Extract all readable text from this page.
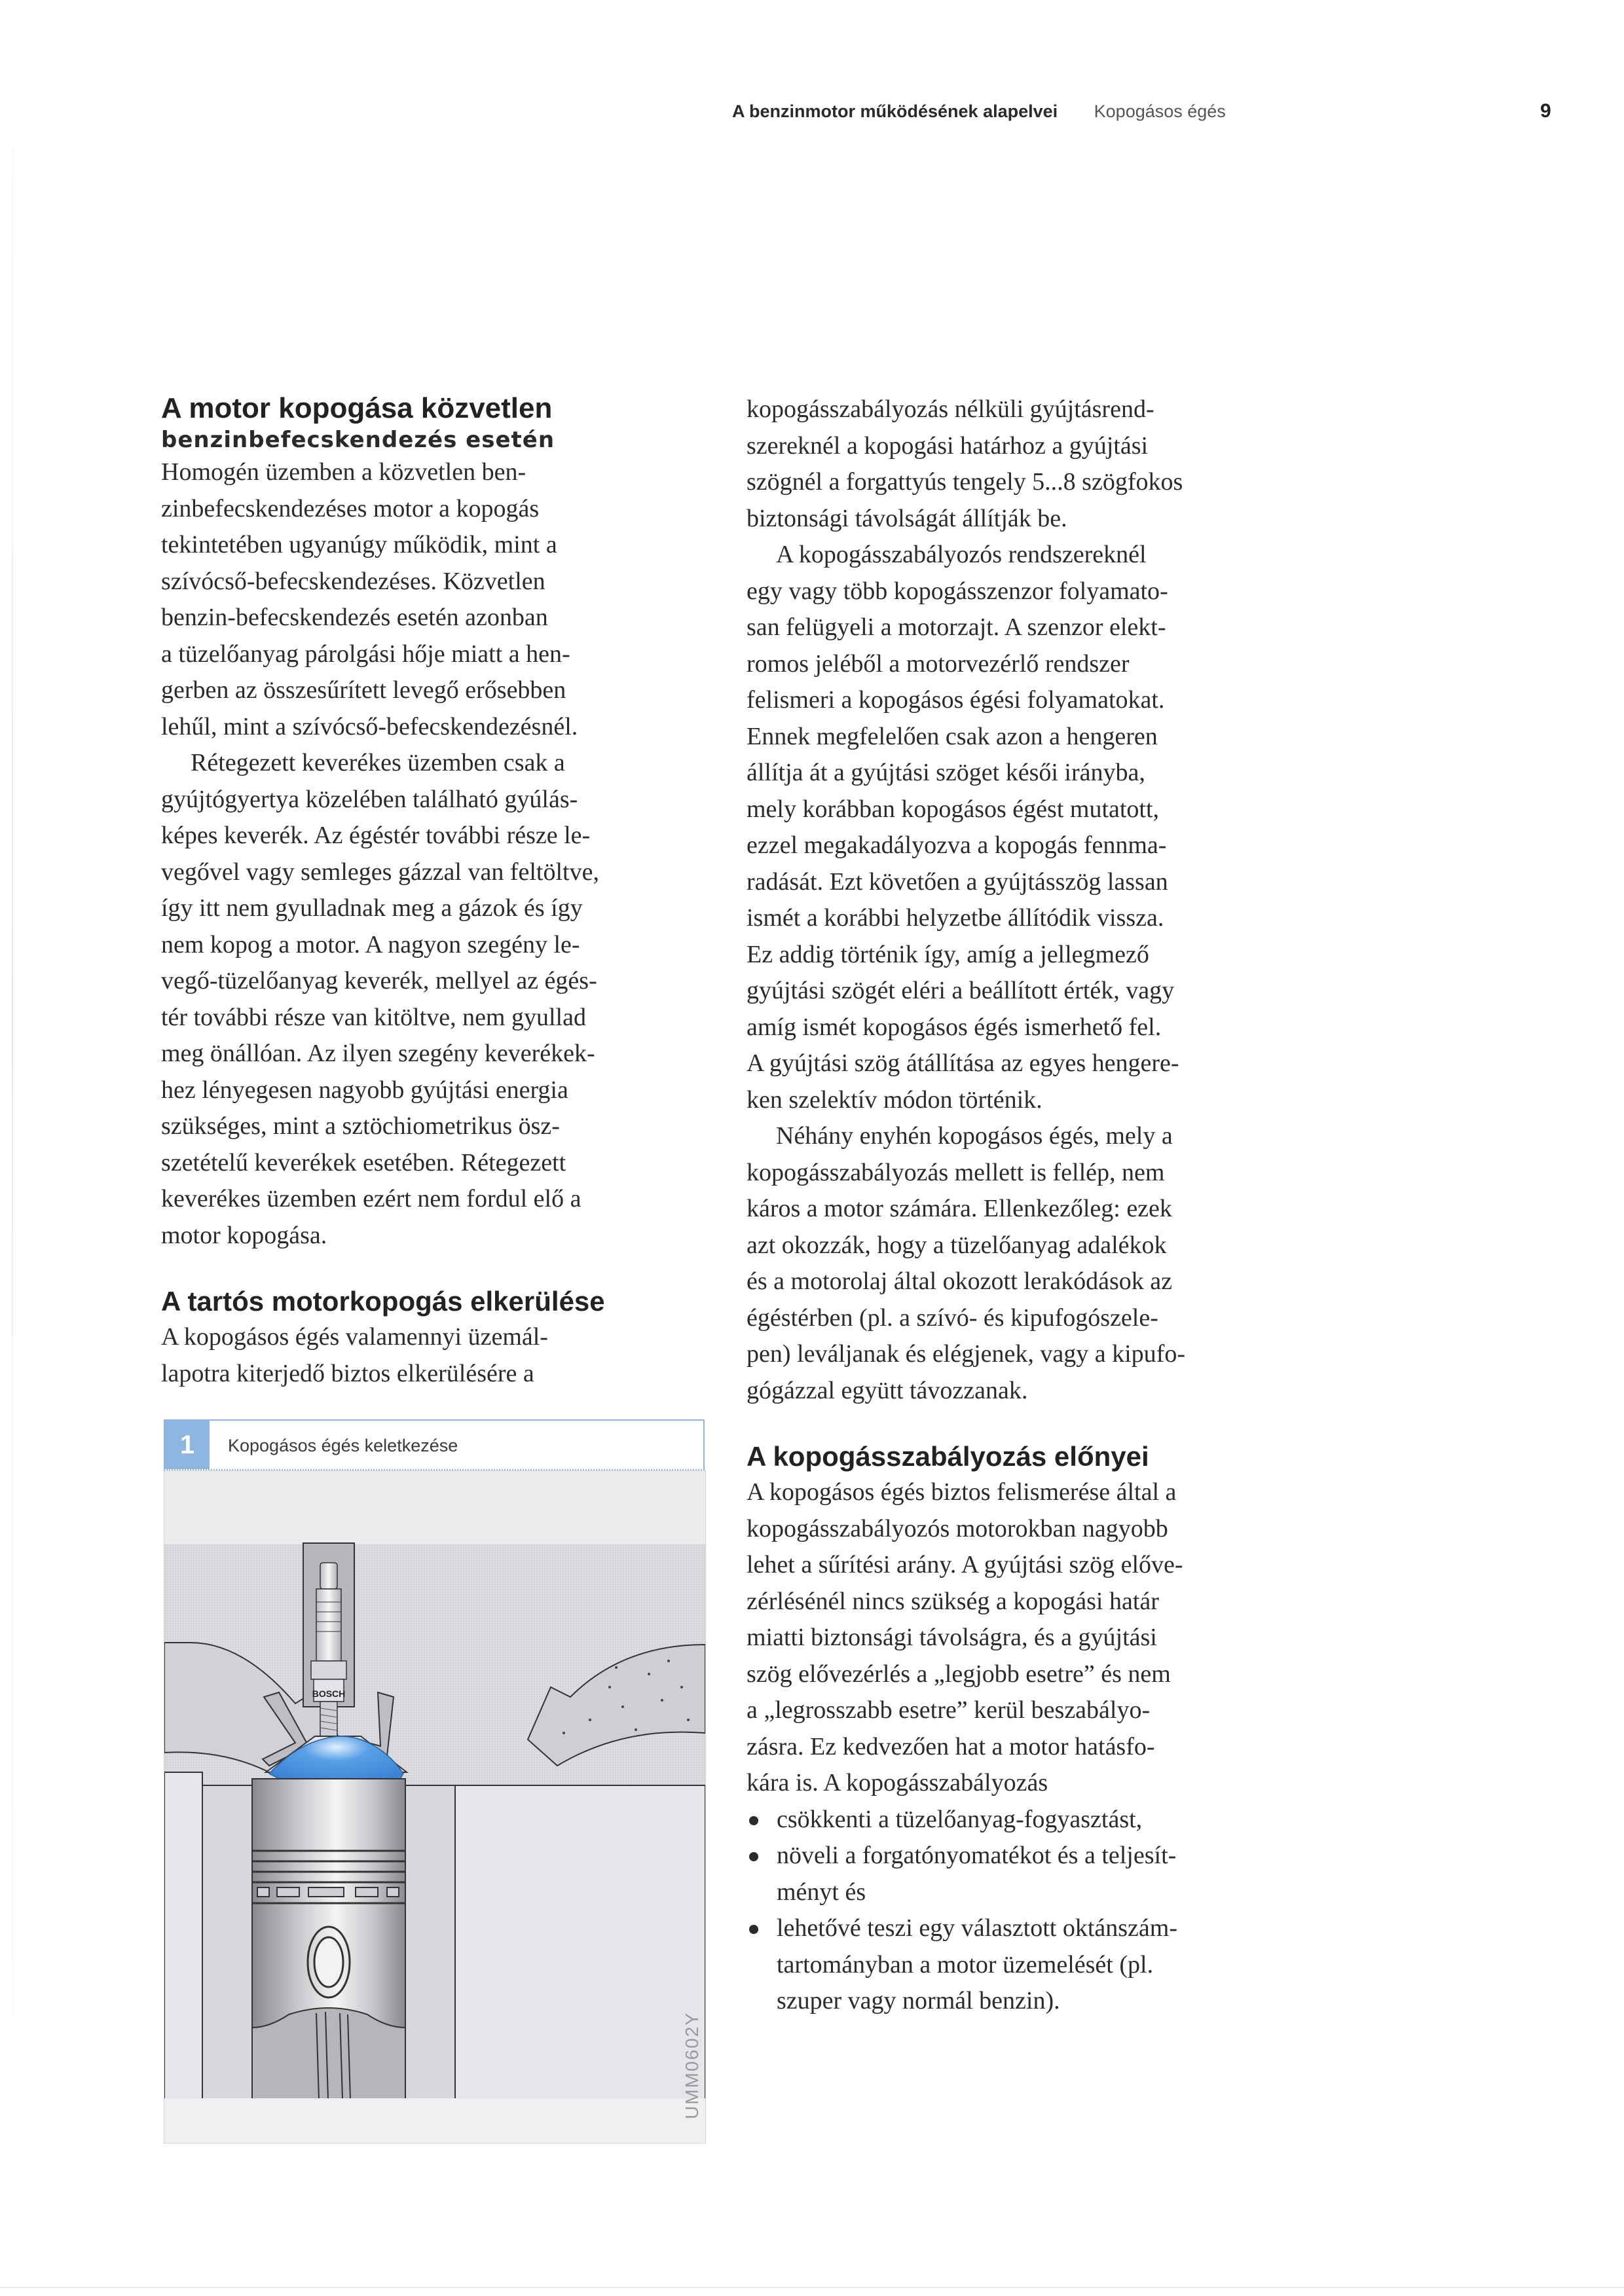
A benzinmotor működésének alapelvei Kopogásos égés	9
A motor kopogása közvetlen
benzinbefecskendezés esetén

Homogén üzemben a közvetlen ben-
zinbefecskendezéses motor a kopogás
tekintetében ugyanúgy működik, mint a
szívócső-befecskendezéses. Közvetlen
benzin-befecskendezés esetén azonban
a tüzelőanyag párolgási hője miatt a hen-
gerben az összesűrített levegő erősebben
lehűl, mint a szívócső-befecskendezésnél.

Rétegezett keverékes üzemben csak a
gyújtógyertya közelében található gyúlás-
képes keverék. Az égéstér további része le-
vegővel vagy semleges gázzal van feltöltve,
így itt nem gyulladnak meg a gázok és így
nem kopog a motor. A nagyon szegény le-
vegő-tüzelőanyag keverék, mellyel az égés-
tér további része van kitöltve, nem gyullad
meg önállóan. Az ilyen szegény keverékek-
hez lényegesen nagyobb gyújtási energia
szükséges, mint a sztöchiometrikus ösz-
szetételű keverékek esetében. Rétegezett
keverékes üzemben ezért nem fordul elő a
motor kopogása.

A tartós motorkopogás elkerülése

A kopogásos égés valamennyi üzemál-
lapotra kiterjedő biztos elkerülésére a

1	Kopogásos égés keletkezése
BOSCH
UMM0602Y

kopogásszabályozás nélküli gyújtásrend-
szereknél a kopogási határhoz a gyújtási
szögnél a forgattyús tengely 5...8 szögfokos
biztonsági távolságát állítják be.

A kopogásszabályozós rendszereknél
egy vagy több kopogásszenzor folyamato-
san felügyeli a motorzajt. A szenzor elekt-
romos jeléből a motorvezérlő rendszer
felismeri a kopogásos égési folyamatokat.
Ennek megfelelően csak azon a hengeren
állítja át a gyújtási szöget késői irányba,
mely korábban kopogásos égést mutatott,
ezzel megakadályozva a kopogás fennma-
radását. Ezt követően a gyújtásszög lassan
ismét a korábbi helyzetbe állítódik vissza.
Ez addig történik így, amíg a jellegmező
gyújtási szögét eléri a beállított érték, vagy
amíg ismét kopogásos égés ismerhető fel.
A gyújtási szög átállítása az egyes hengere-
ken szelektív módon történik.

Néhány enyhén kopogásos égés, mely a
kopogásszabályozás mellett is fellép, nem
káros a motor számára. Ellenkezőleg: ezek
azt okozzák, hogy a tüzelőanyag adalékok
és a motorolaj által okozott lerakódások az
égéstérben (pl. a szívó- és kipufogószele-
pen) leváljanak és elégjenek, vagy a kipufo-
gógázzal együtt távozzanak.

A kopogásszabályozás előnyei

A kopogásos égés biztos felismerése által a
kopogásszabályozós motorokban nagyobb
lehet a sűrítési arány. A gyújtási szög előve-
zérlésénél nincs szükség a kopogási határ
miatti biztonsági távolságra, és a gyújtási
szög elővezérlés a „legjobb esetre” és nem
a „legrosszabb esetre” kerül beszabályo-
zásra. Ez kedvezően hat a motor hatásfo-
kára is. A kopogásszabályozás

csökkenti a tüzelőanyag-fogyasztást,
növeli a forgatónyomatékot és a teljesít-
ményt és
lehetővé teszi egy választott oktánszám-
tartományban a motor üzemelését (pl.
szuper vagy normál benzin).
